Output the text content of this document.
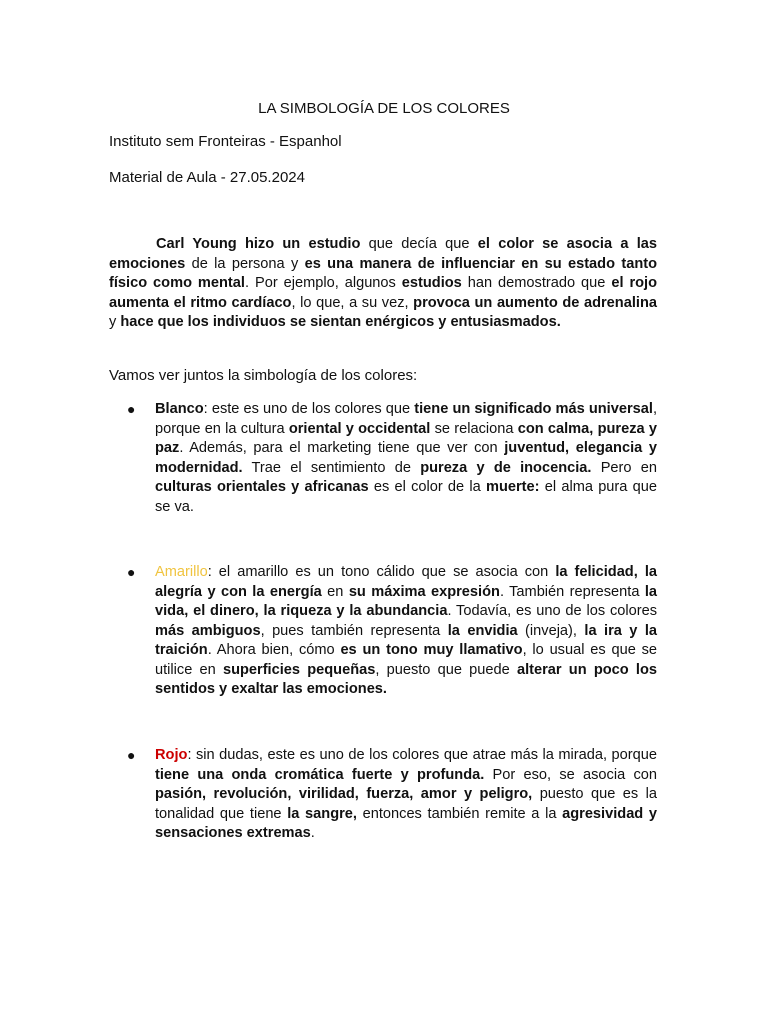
LA SIMBOLOGÍA DE LOS COLORES
Instituto sem Fronteiras - Espanhol
Material de Aula - 27.05.2024
Carl Young hizo un estudio que decía que el color se asocia a las emociones de la persona y es una manera de influenciar en su estado tanto físico como mental. Por ejemplo, algunos estudios han demostrado que el rojo aumenta el ritmo cardíaco, lo que, a su vez, provoca un aumento de adrenalina y hace que los individuos se sientan enérgicos y entusiasmados.
Vamos ver juntos la simbología de los colores:
● Blanco: este es uno de los colores que tiene un significado más universal, porque en la cultura oriental y occidental se relaciona con calma, pureza y paz. Además, para el marketing tiene que ver con juventud, elegancia y modernidad. Trae el sentimiento de pureza y de inocencia. Pero en culturas orientales y africanas es el color de la muerte: el alma pura que se va.
● Amarillo: el amarillo es un tono cálido que se asocia con la felicidad, la alegría y con la energía en su máxima expresión. También representa la vida, el dinero, la riqueza y la abundancia. Todavía, es uno de los colores más ambiguos, pues también representa la envidia (inveja), la ira y la traición. Ahora bien, cómo es un tono muy llamativo, lo usual es que se utilice en superficies pequeñas, puesto que puede alterar un poco los sentidos y exaltar las emociones.
● Rojo: sin dudas, este es uno de los colores que atrae más la mirada, porque tiene una onda cromática fuerte y profunda. Por eso, se asocia con pasión, revolución, virilidad, fuerza, amor y peligro, puesto que es la tonalidad que tiene la sangre, entonces también remite a la agresividad y sensaciones extremas.
